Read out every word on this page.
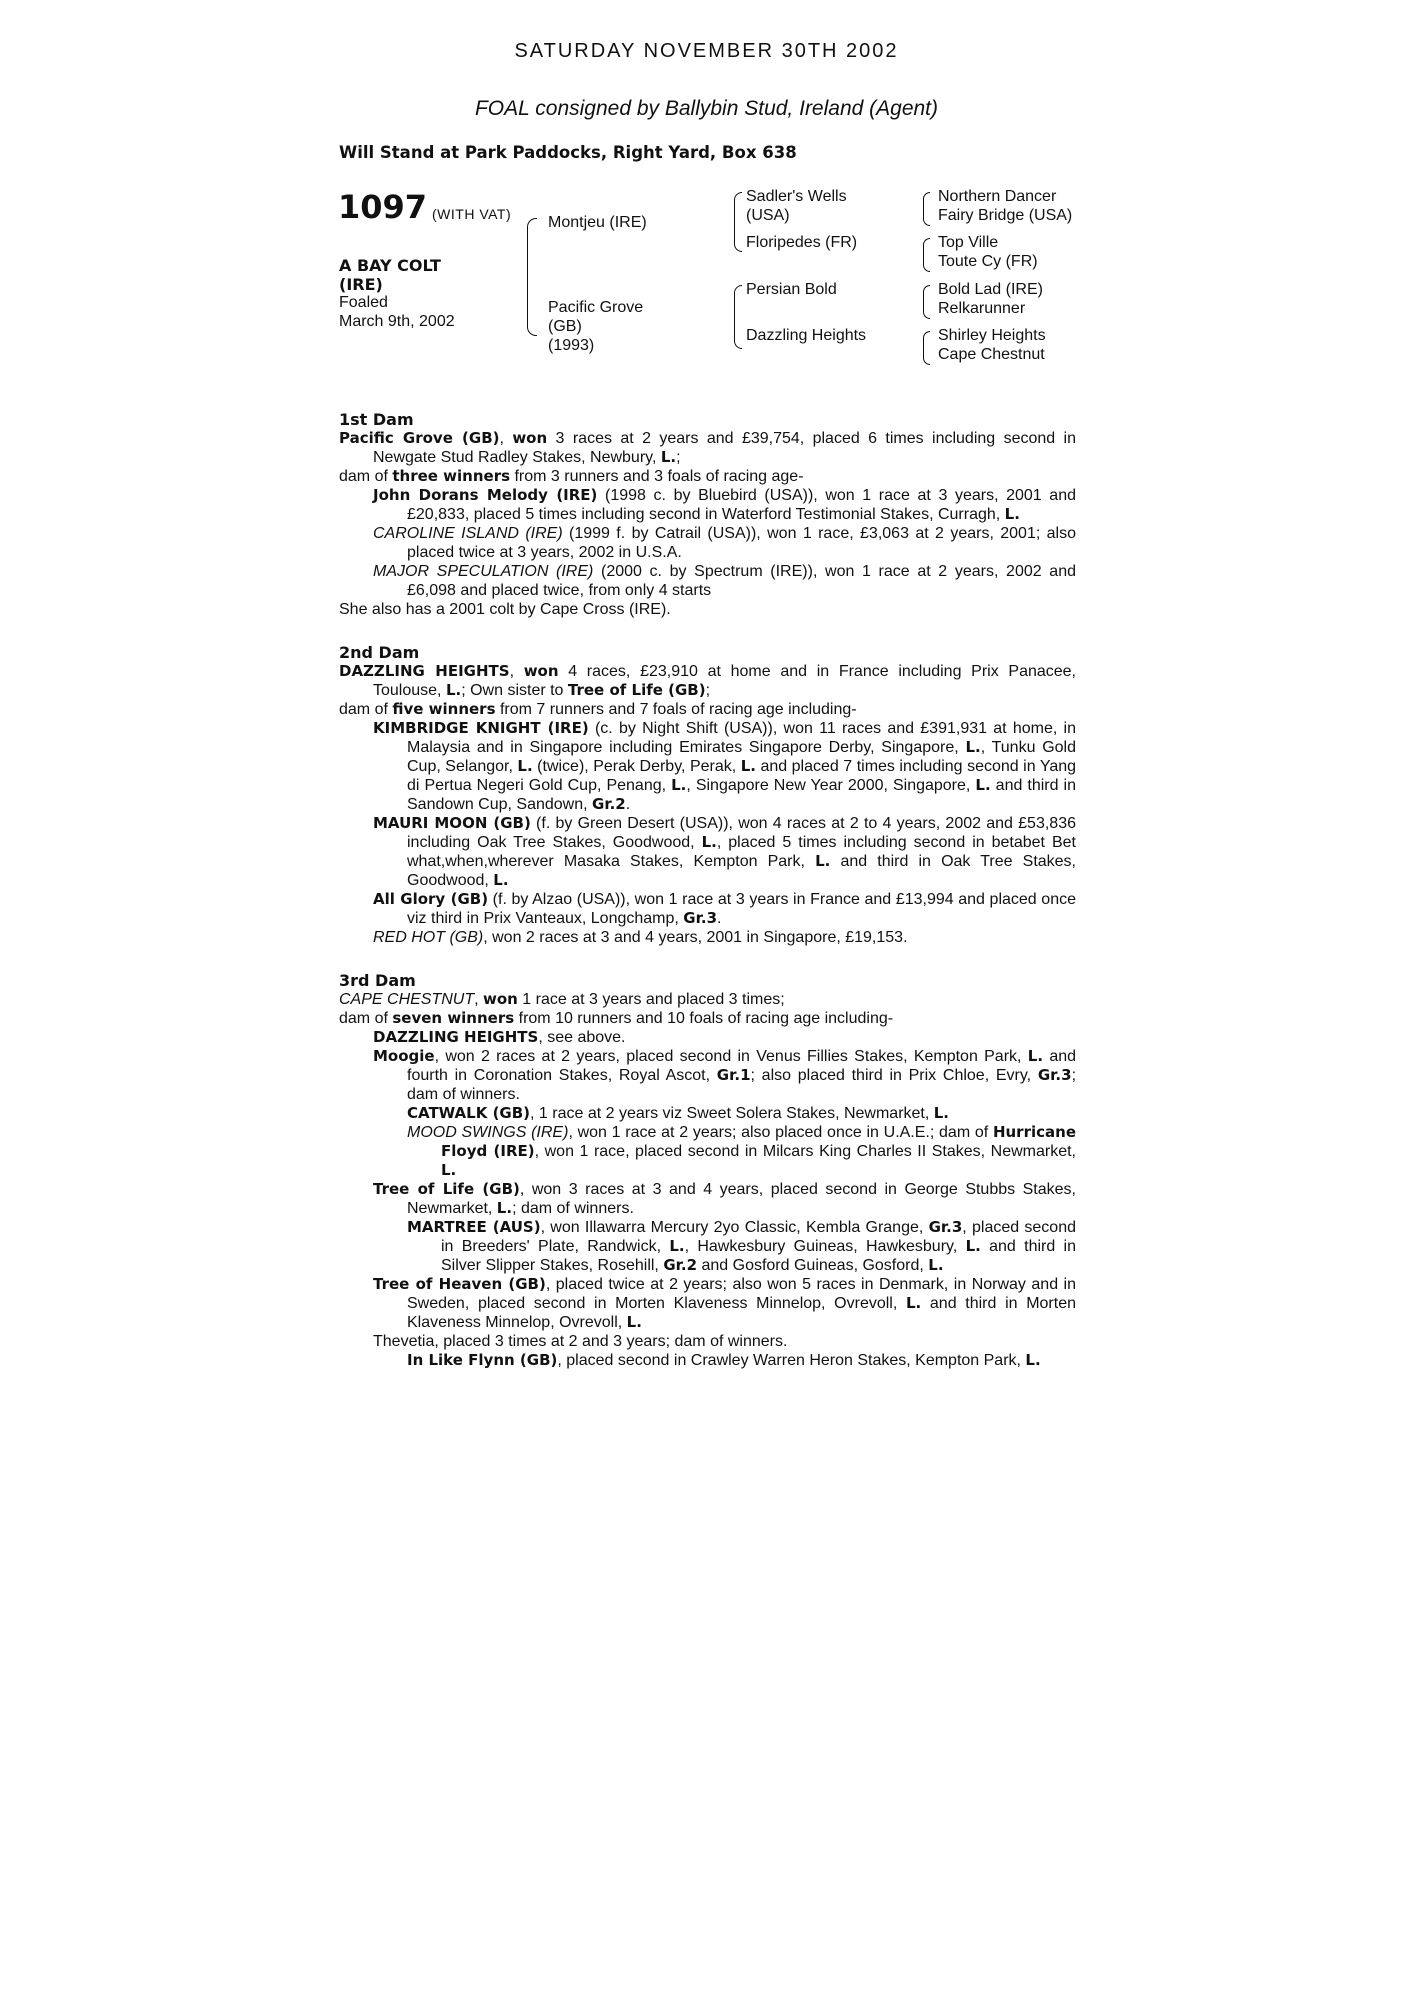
SATURDAY NOVEMBER 30TH 2002
FOAL consigned by Ballybin Stud, Ireland (Agent)
Will Stand at Park Paddocks, Right Yard, Box 638
1097 (WITH VAT)
A BAY COLT
(IRE)
Foaled
March 9th, 2002
Montjeu (IRE)
Pacific Grove
(GB)
(1993)
Sadler's Wells
(USA)
Floripedes (FR)
Persian Bold
Dazzling Heights
Northern Dancer
Fairy Bridge (USA)
Top Ville
Toute Cy (FR)
Bold Lad (IRE)
Relkarunner
Shirley Heights
Cape Chestnut
1st Dam

Pacific Grove (GB), won 3 races at 2 years and £39,754, placed 6 times including second in Newgate Stud Radley Stakes, Newbury, L.;

dam of three winners from 3 runners and 3 foals of racing age-

John Dorans Melody (IRE) (1998 c. by Bluebird (USA)), won 1 race at 3 years, 2001 and £20,833, placed 5 times including second in Waterford Testimonial Stakes, Curragh, L.

CAROLINE ISLAND (IRE) (1999 f. by Catrail (USA)), won 1 race, £3,063 at 2 years, 2001; also placed twice at 3 years, 2002 in U.S.A.

MAJOR SPECULATION (IRE) (2000 c. by Spectrum (IRE)), won 1 race at 2 years, 2002 and £6,098 and placed twice, from only 4 starts

She also has a 2001 colt by Cape Cross (IRE).

2nd Dam

DAZZLING HEIGHTS, won 4 races, £23,910 at home and in France including Prix Panacee, Toulouse, L.; Own sister to Tree of Life (GB);

dam of five winners from 7 runners and 7 foals of racing age including-

KIMBRIDGE KNIGHT (IRE) (c. by Night Shift (USA)), won 11 races and £391,931 at home, in Malaysia and in Singapore including Emirates Singapore Derby, Singapore, L., Tunku Gold Cup, Selangor, L. (twice), Perak Derby, Perak, L. and placed 7 times including second in Yang di Pertua Negeri Gold Cup, Penang, L., Singapore New Year 2000, Singapore, L. and third in Sandown Cup, Sandown, Gr.2.

MAURI MOON (GB) (f. by Green Desert (USA)), won 4 races at 2 to 4 years, 2002 and £53,836 including Oak Tree Stakes, Goodwood, L., placed 5 times including second in betabet Bet what,when,wherever Masaka Stakes, Kempton Park, L. and third in Oak Tree Stakes, Goodwood, L.

All Glory (GB) (f. by Alzao (USA)), won 1 race at 3 years in France and £13,994 and placed once viz third in Prix Vanteaux, Longchamp, Gr.3.

RED HOT (GB), won 2 races at 3 and 4 years, 2001 in Singapore, £19,153.

3rd Dam

CAPE CHESTNUT, won 1 race at 3 years and placed 3 times;

dam of seven winners from 10 runners and 10 foals of racing age including-

DAZZLING HEIGHTS, see above.

Moogie, won 2 races at 2 years, placed second in Venus Fillies Stakes, Kempton Park, L. and fourth in Coronation Stakes, Royal Ascot, Gr.1; also placed third in Prix Chloe, Evry, Gr.3; dam of winners.

CATWALK (GB), 1 race at 2 years viz Sweet Solera Stakes, Newmarket, L.

MOOD SWINGS (IRE), won 1 race at 2 years; also placed once in U.A.E.; dam of Hurricane Floyd (IRE), won 1 race, placed second in Milcars King Charles II Stakes, Newmarket, L.

Tree of Life (GB), won 3 races at 3 and 4 years, placed second in George Stubbs Stakes, Newmarket, L.; dam of winners.

MARTREE (AUS), won Illawarra Mercury 2yo Classic, Kembla Grange, Gr.3, placed second in Breeders' Plate, Randwick, L., Hawkesbury Guineas, Hawkesbury, L. and third in Silver Slipper Stakes, Rosehill, Gr.2 and Gosford Guineas, Gosford, L.

Tree of Heaven (GB), placed twice at 2 years; also won 5 races in Denmark, in Norway and in Sweden, placed second in Morten Klaveness Minnelop, Ovrevoll, L. and third in Morten Klaveness Minnelop, Ovrevoll, L.

Thevetia, placed 3 times at 2 and 3 years; dam of winners.

In Like Flynn (GB), placed second in Crawley Warren Heron Stakes, Kempton Park, L.
